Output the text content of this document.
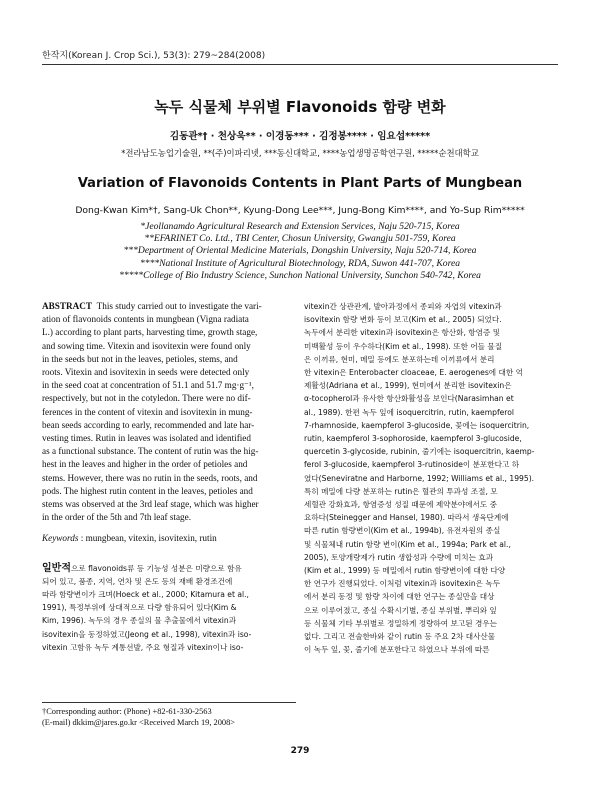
한작지(Korean J. Crop Sci.), 53(3): 279~284(2008)
녹두 식물체 부위별 Flavonoids 함량 변화
김동관*† · 천상욱** · 이경동*** · 김정봉**** · 임요섭*****
*전라남도농업기술원, **(주)이파리넷, ***동신대학교, ****농업생명공학연구원, *****순천대학교
Variation of Flavonoids Contents in Plant Parts of Mungbean
Dong-Kwan Kim*†, Sang-Uk Chon**, Kyung-Dong Lee***, Jung-Bong Kim****, and Yo-Sup Rim*****
*Jeollanamdo Agricultural Research and Extension Services, Naju 520-715, Korea
**EFARINET Co. Ltd., TBI Center, Chosun University, Gwangju 501-759, Korea
***Department of Oriental Medicine Materials, Dongshin University, Naju 520-714, Korea
****National Institute of Agricultural Biotechnology, RDA, Suwon 441-707, Korea
*****College of Bio Industry Science, Sunchon National University, Sunchon 540-742, Korea
ABSTRACT This study carried out to investigate the vari-
ation of flavonoids contents in mungbean (Vigna radiata
L.) according to plant parts, harvesting time, growth stage,
and sowing time. Vitexin and isovitexin were found only
in the seeds but not in the leaves, petioles, stems, and
roots. Vitexin and isovitexin in seeds were detected only
in the seed coat at concentration of 51.1 and 51.7 mg·g⁻¹,
respectively, but not in the cotyledon. There were no dif-
ferences in the content of vitexin and isovitexin in mung-
bean seeds according to early, recommended and late har-
vesting times. Rutin in leaves was isolated and identified
as a functional substance. The content of rutin was the hig-
hest in the leaves and higher in the order of petioles and
stems. However, there was no rutin in the seeds, roots, and
pods. The highest rutin content in the leaves, petioles and
stems was observed at the 3rd leaf stage, which was higher
in the order of the 5th and 7th leaf stage.
Keywords : mungbean, vitexin, isovitexin, rutin
일반적으로 flavonoids류 등 기능성 성분은 미량으로 함유
되어 있고, 품종, 지역, 연차 및 온도 등의 재배 환경조건에
따라 함량변이가 크며(Hoeck et al., 2000; Kitamura et al.,
1991), 특정부위에 상대적으로 다량 함유되어 있다(Kim &
Kim, 1996). 녹두의 경우 종실의 물 추출물에서 vitexin과
isovitexin을 동정하였고(Jeong et al., 1998), vitexin과 iso-
vitexin 고함유 녹두 계통선발, 주요 형질과 vitexin이나 iso-
vitexin간 상관관계, 발아과정에서 종피와 자엽의 vitexin과
isovitexin 함량 변화 등이 보고(Kim et al., 2005) 되었다.
녹두에서 분리한 vitexin과 isovitexin은 항산화, 항염증 및
미백활성 등이 우수하다(Kim et al., 1998). 또한 어들 물질
은 이끼류, 현미, 메밀 등에도 분포하는데 이끼류에서 분리
한 vitexin은 Enterobacter cloaceae, E. aerogenes에 대한 억
제활성(Adriana et al., 1999), 현미에서 분리한 isovitexin은
α-tocopherol과 유사한 항산화활성을 보인다(Narasimhan et
al., 1989). 한편 녹두 잎에 isoquercitrin, rutin, kaempferol
7-rhamnoside, kaempferol 3-glucoside, 꽃에는 isoquercitrin,
rutin, kaempferol 3-sophoroside, kaempferol 3-glucoside,
quercetin 3-glycoside, rubinin, 줄기에는 isoquercitrin, kaemp-
ferol 3-glucoside, kaempferol 3-rutinoside이 분포한다고 하
였다(Seneviratne and Harborne, 1992; Williams et al., 1995).
특히 메밀에 다량 분포하는 rutin은 혈관의 투과성 조절, 모
세혈관 강화효과, 항염증성 성질 때문에 제약분야에서도 중
요하다(Steinegger and Hansel, 1980). 따라서 생육단계에
따른 rutin 함량변이(Kim et al., 1994b), 유전자원의 종실
및 식물체내 rutin 함량 변이(Kim et al., 1994a; Park et al.,
2005), 토양개량제가 rutin 생합성과 수량에 미치는 효과
(Kim et al., 1999) 등 메밀에서 rutin 함량변이에 대한 다양
한 연구가 진행되었다. 이처럼 vitexin과 isovitexin은 녹두
에서 분리 동정 및 함량 차이에 대한 연구는 종실만을 대상
으로 이루어졌고, 종실 수확시기별, 종실 부위별, 뿌리와 잎
등 식물체 기타 부위별로 정밀하게 정량하여 보고된 경우는
없다. 그리고 전술한바와 같이 rutin 등 주요 2차 대사산물
이 녹두 잎, 꽃, 줄기에 분포한다고 하였으나 부위에 따른
†Corresponding author: (Phone) +82-61-330-2563
(E-mail) dkkim@jares.go.kr <Received March 19, 2008>
279
